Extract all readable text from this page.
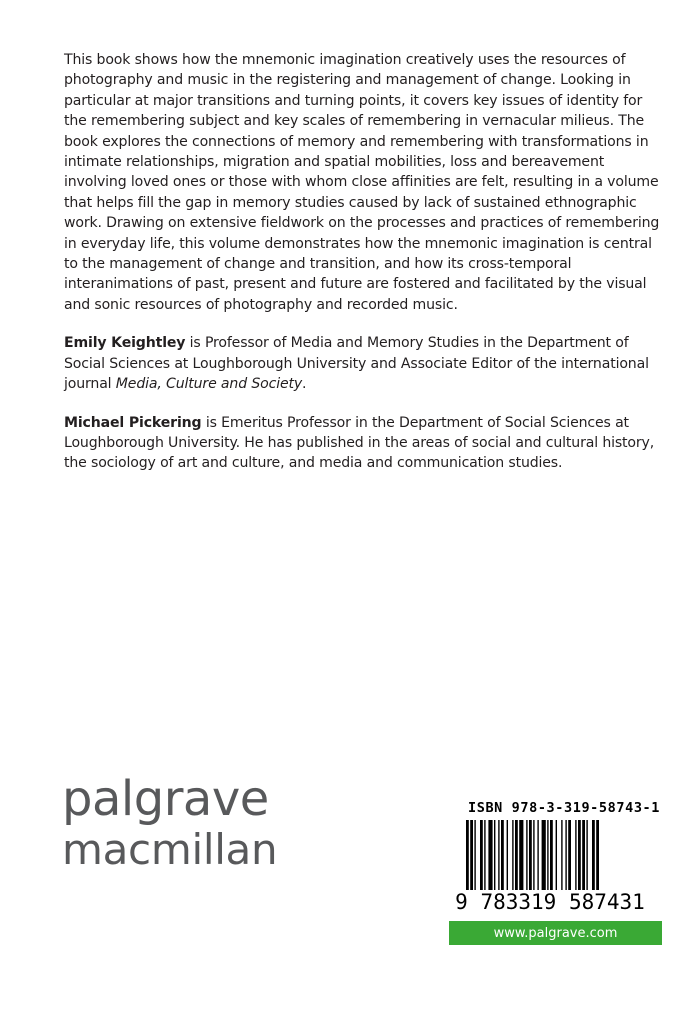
This book shows how the mnemonic imagination creatively uses the resources of photography and music in the registering and management of change. Looking in particular at major transitions and turning points, it covers key issues of identity for the remembering subject and key scales of remembering in vernacular milieus. The book explores the connections of memory and remembering with transformations in intimate relationships, migration and spatial mobilities, loss and bereavement involving loved ones or those with whom close affinities are felt, resulting in a volume that helps fill the gap in memory studies caused by lack of sustained ethnographic work. Drawing on extensive fieldwork on the processes and practices of remembering in everyday life, this volume demonstrates how the mnemonic imagination is central to the management of change and transition, and how its cross-temporal interanimations of past, present and future are fostered and facilitated by the visual and sonic resources of photography and recorded music.

Emily Keightley is Professor of Media and Memory Studies in the Department of Social Sciences at Loughborough University and Associate Editor of the international journal Media, Culture and Society.

Michael Pickering is Emeritus Professor in the Department of Social Sciences at Loughborough University. He has published in the areas of social and cultural history, the sociology of art and culture, and media and communication studies.

palgrave
macmillan
ISBN 978-3-319-58743-1
9 783319 587431
www.palgrave.com
